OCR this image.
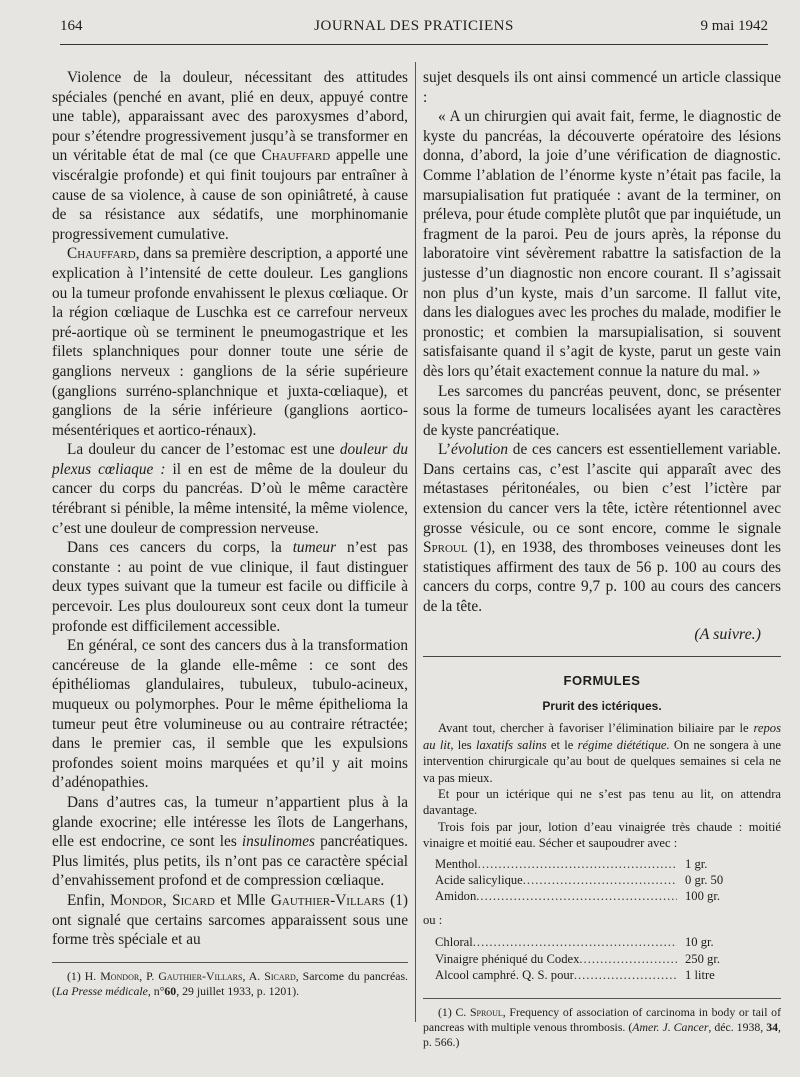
164	JOURNAL DES PRATICIENS	9 mai 1942

Violence de la douleur, nécessitant des attitudes spéciales (penché en avant, plié en deux, appuyé contre une table), apparaissant avec des paroxysmes d’abord, pour s’étendre progressivement jusqu’à se transformer en un véritable état de mal (ce que Chauffard appelle une viscéralgie profonde) et qui finit toujours par entraîner à cause de sa violence, à cause de son opiniâtreté, à cause de sa résistance aux sédatifs, une morphinomanie progressivement cumulative.

Chauffard, dans sa première description, a apporté une explication à l’intensité de cette douleur. Les ganglions ou la tumeur profonde envahissent le plexus cœliaque. Or la région cœliaque de Luschka est ce carrefour nerveux pré-aortique où se terminent le pneumogastrique et les filets splanchniques pour donner toute une série de ganglions nerveux : ganglions de la série supérieure (ganglions surréno-splanchnique et juxta-cœliaque), et ganglions de la série inférieure (ganglions aortico-mésentériques et aortico-rénaux).

La douleur du cancer de l’estomac est une douleur du plexus cœliaque : il en est de même de la douleur du cancer du corps du pancréas. D’où le même caractère térébrant si pénible, la même intensité, la même violence, c’est une douleur de compression nerveuse.

Dans ces cancers du corps, la tumeur n’est pas constante : au point de vue clinique, il faut distinguer deux types suivant que la tumeur est facile ou difficile à percevoir. Les plus douloureux sont ceux dont la tumeur profonde est difficilement accessible.

En général, ce sont des cancers dus à la transformation cancéreuse de la glande elle-même : ce sont des épithéliomas glandulaires, tubuleux, tubulo-acineux, muqueux ou polymorphes. Pour le même épithelioma la tumeur peut être volumineuse ou au contraire rétractée; dans le premier cas, il semble que les expulsions profondes soient moins marquées et qu’il y ait moins d’adénopathies.

Dans d’autres cas, la tumeur n’appartient plus à la glande exocrine; elle intéresse les îlots de Langerhans, elle est endocrine, ce sont les insulinomes pancréatiques. Plus limités, plus petits, ils n’ont pas ce caractère spécial d’envahissement profond et de compression cœliaque.

Enfin, Mondor, Sicard et Mlle Gauthier-Villars (1) ont signalé que certains sarcomes apparaissent sous une forme très spéciale et au

(1) H. Mondor, P. Gauthier-Villars, A. Sicard, Sarcome du pancréas. (La Presse médicale, n°60, 29 juillet 1933, p. 1201).

sujet desquels ils ont ainsi commencé un article classique :

« A un chirurgien qui avait fait, ferme, le diagnostic de kyste du pancréas, la découverte opératoire des lésions donna, d’abord, la joie d’une vérification de diagnostic. Comme l’ablation de l’énorme kyste n’était pas facile, la marsupialisation fut pratiquée : avant de la terminer, on préleva, pour étude complète plutôt que par inquiétude, un fragment de la paroi. Peu de jours après, la réponse du laboratoire vint sévèrement rabattre la satisfaction de la justesse d’un diagnostic non encore courant. Il s’agissait non plus d’un kyste, mais d’un sarcome. Il fallut vite, dans les dialogues avec les proches du malade, modifier le pronostic; et combien la marsupialisation, si souvent satisfaisante quand il s’agit de kyste, parut un geste vain dès lors qu’était exactement connue la nature du mal. »

Les sarcomes du pancréas peuvent, donc, se présenter sous la forme de tumeurs localisées ayant les caractères de kyste pancréatique.

L’évolution de ces cancers est essentiellement variable. Dans certains cas, c’est l’ascite qui apparaît avec des métastases péritonéales, ou bien c’est l’ictère par extension du cancer vers la tête, ictère rétentionnel avec grosse vésicule, ou ce sont encore, comme le signale Sproul (1), en 1938, des thromboses veineuses dont les statistiques affirment des taux de 56 p. 100 au cours des cancers du corps, contre 9,7 p. 100 au cours des cancers de la tête.

(A suivre.)

FORMULES
Prurit des ictériques.

Avant tout, chercher à favoriser l’élimination biliaire par le repos au lit, les laxatifs salins et le régime diététique. On ne songera à une intervention chirurgicale qu’au bout de quelques semaines si cela ne va pas mieux.

Et pour un ictérique qui ne s’est pas tenu au lit, on attendra davantage.

Trois fois par jour, lotion d’eau vinaigrée très chaude : moitié vinaigre et moitié eau. Sécher et saupoudrer avec :

Menthol .....	1 gr.
Acide salicylique .....	0 gr. 50
Amidon .....	100 gr.
ou :
Chloral .....	10 gr.
Vinaigre phéniqué du Codex .....	250 gr.
Alcool camphré. Q. S. pour .....	1 litre

(1) C. Sproul, Frequency of association of carcinoma in body or tail of pancreas with multiple venous thrombosis. (Amer. J. Cancer, déc. 1938, 34, p. 566.)
